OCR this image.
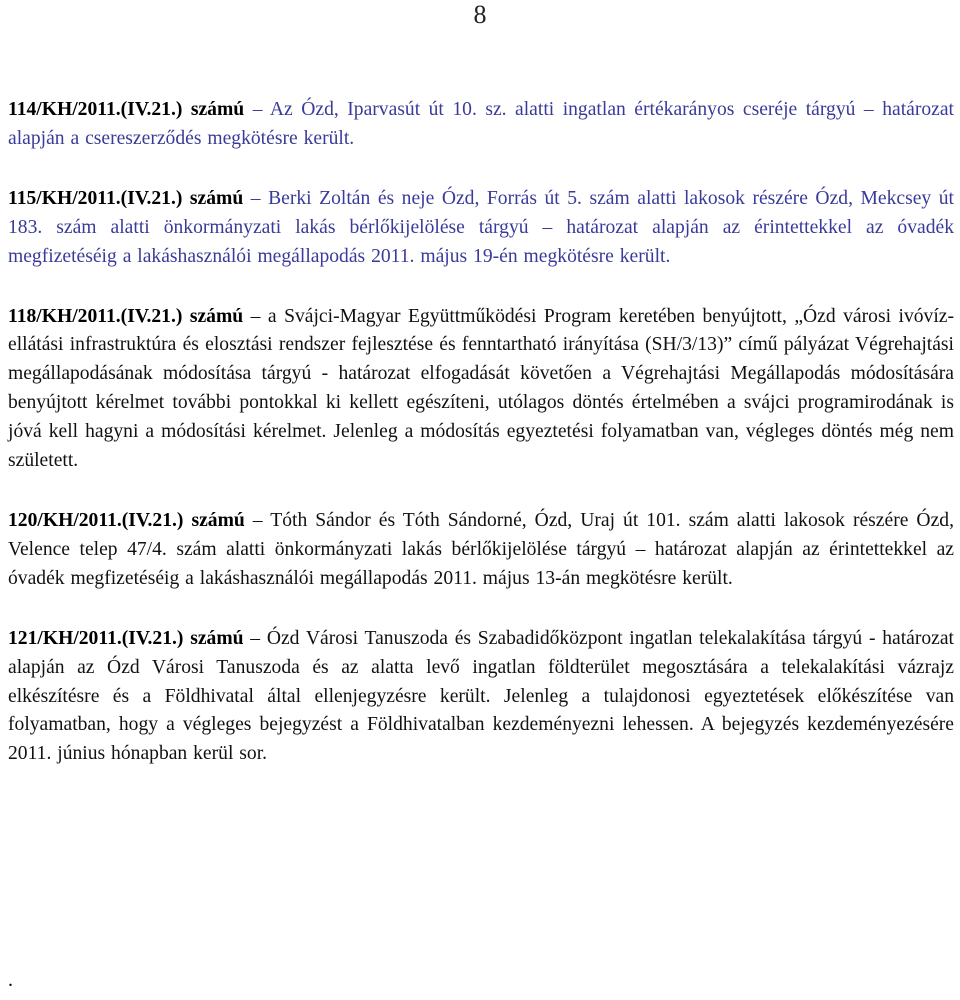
8

114/KH/2011.(IV.21.) számú – Az Ózd, Iparvasút út 10. sz. alatti ingatlan értékarányos cseréje tárgyú – határozat alapján a csereszerződés megkötésre került.

115/KH/2011.(IV.21.) számú – Berki Zoltán és neje Ózd, Forrás út 5. szám alatti lakosok részére Ózd, Mekcsey út 183. szám alatti önkormányzati lakás bérlőkijelölése tárgyú – határozat alapján az érintettekkel az óvadék megfizetéséig a lakáshasználói megállapodás 2011. május 19-én megkötésre került.

118/KH/2011.(IV.21.) számú – a Svájci-Magyar Együttműködési Program keretében benyújtott, „Ózd városi ivóvíz-ellátási infrastruktúra és elosztási rendszer fejlesztése és fenntartható irányítása (SH/3/13)” című pályázat Végrehajtási megállapodásának módosítása tárgyú - határozat elfogadását követően a Végrehajtási Megállapodás módosítására benyújtott kérelmet további pontokkal ki kellett egészíteni, utólagos döntés értelmében a svájci programirodának is jóvá kell hagyni a módosítási kérelmet. Jelenleg a módosítás egyeztetési folyamatban van, végleges döntés még nem született.

120/KH/2011.(IV.21.) számú – Tóth Sándor és Tóth Sándorné, Ózd, Uraj út 101. szám alatti lakosok részére Ózd, Velence telep 47/4. szám alatti önkormányzati lakás bérlőkijelölése tárgyú – határozat alapján az érintettekkel az óvadék megfizetéséig a lakáshasználói megállapodás 2011. május 13-án megkötésre került.

121/KH/2011.(IV.21.) számú – Ózd Városi Tanuszoda és Szabadidőközpont ingatlan telekalakítása tárgyú - határozat alapján az Ózd Városi Tanuszoda és az alatta levő ingatlan földterület megosztására a telekalakítási vázrajz elkészítésre és a Földhivatal által ellenjegyzésre került. Jelenleg a tulajdonosi egyeztetések előkészítése van folyamatban, hogy a végleges bejegyzést a Földhivatalban kezdeményezni lehessen. A bejegyzés kezdeményezésére 2011. június hónapban kerül sor.

.
